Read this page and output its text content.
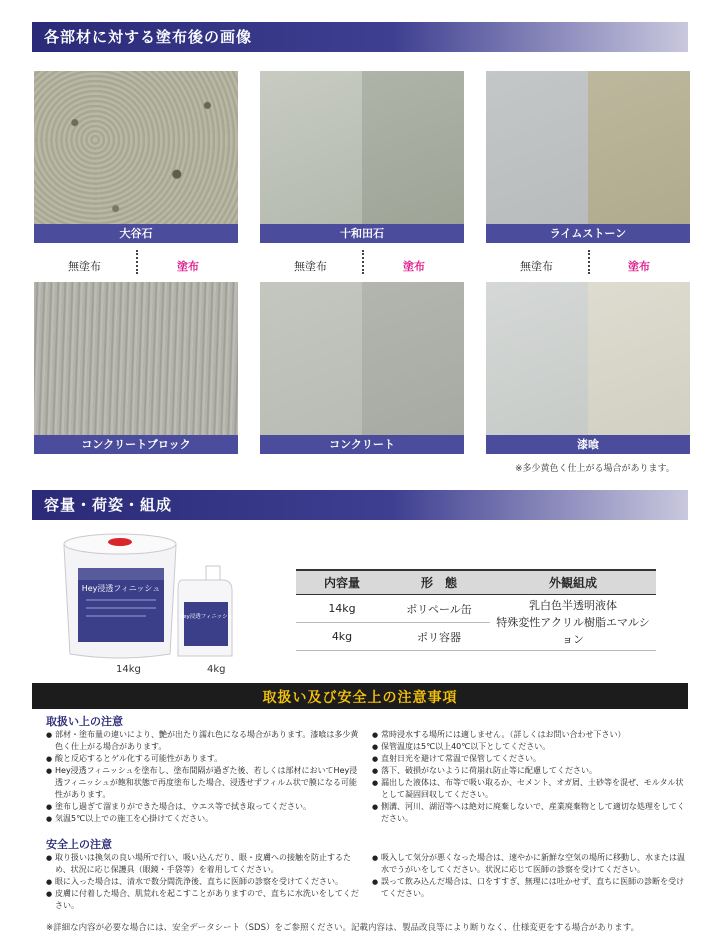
各部材に対する塗布後の画像
大谷石	十和田石	ライムストーン
無塗布	塗布	無塗布	塗布	無塗布	塗布
コンクリートブロック	コンクリート	漆喰
※多少黄色く仕上がる場合があります。
容量・荷姿・組成
Hey浸透フィニッシュ
Hey浸透フィニッシュ
14kg	4kg
内容量	形　態	外観組成
14kg	ポリペール缶	乳白色半透明液体
特殊変性アクリル樹脂エマルション

4kg	ポリ容器	
取扱い及び安全上の注意事項
取扱い上の注意
● 部材・塗布量の違いにより、艶が出たり濡れ色になる場合があります。漆喰は多少黄色く仕上がる場合があります。
● 酸と反応するとゲル化する可能性があります。
● Hey浸透フィニッシュを塗布し、塗布間隔が過ぎた後、若しくは部材においてHey浸透フィニッシュが飽和状態で再度塗布した場合、浸透せずフィルム状で膜になる可能性があります。
● 塗布し過ぎて溜まりができた場合は、ウエス等で拭き取ってください。
● 気温5℃以上での施工を心掛けてください。
● 常時浸水する場所には適しません。（詳しくはお問い合わせ下さい）
● 保管温度は5℃以上40℃以下としてください。
● 直射日光を避けて常温で保管してください。
● 落下、破損がないように荷崩れ防止等に配慮してください。
● 漏出した液体は、布等で吸い取るか、セメント、オガ屑、土砂等を混ぜ、モルタル状として凝固回収してください。
● 側溝、河川、湖沼等へは絶対に廃棄しないで、産業廃棄物として適切な処理をしてください。
安全上の注意
● 取り扱いは換気の良い場所で行い、吸い込んだり、眼・皮膚への接触を防止するため、状況に応じ保護具（眼鏡・手袋等）を着用してください。
● 眼に入った場合は、清水で数分間洗浄後、直ちに医師の診察を受けてください。
● 皮膚に付着した場合、肌荒れを起こすことがありますので、直ちに水洗いをしてください。
● 吸入して気分が悪くなった場合は、速やかに新鮮な空気の場所に移動し、水または温水でうがいをしてください。状況に応じて医師の診察を受けてください。
● 誤って飲み込んだ場合は、口をすすぎ、無理には吐かせず、直ちに医師の診断を受けてください。
※詳細な内容が必要な場合には、安全データシート（SDS）をご参照ください。記載内容は、製品改良等により断りなく、仕様変更をする場合があります。
